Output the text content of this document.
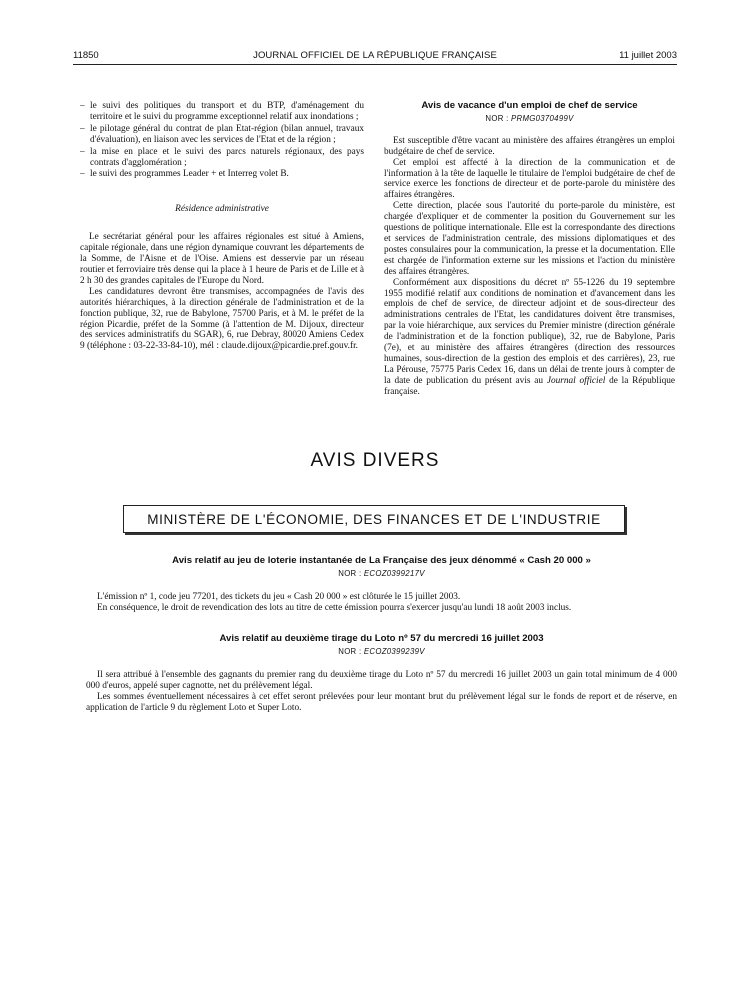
11850	JOURNAL OFFICIEL DE LA RÉPUBLIQUE FRANÇAISE	11 juillet 2003
– le suivi des politiques du transport et du BTP, d'aménagement du territoire et le suivi du programme exceptionnel relatif aux inondations ;
– le pilotage général du contrat de plan Etat-région (bilan annuel, travaux d'évaluation), en liaison avec les services de l'Etat et de la région ;
– la mise en place et le suivi des parcs naturels régionaux, des pays contrats d'agglomération ;
– le suivi des programmes Leader + et Interreg volet B.

Résidence administrative

Le secrétariat général pour les affaires régionales est situé à Amiens, capitale régionale, dans une région dynamique couvrant les départements de la Somme, de l'Aisne et de l'Oise. Amiens est desservie par un réseau routier et ferroviaire très dense qui la place à 1 heure de Paris et de Lille et à 2 h 30 des grandes capitales de l'Europe du Nord.

Les candidatures devront être transmises, accompagnées de l'avis des autorités hiérarchiques, à la direction générale de l'administration et de la fonction publique, 32, rue de Babylone, 75700 Paris, et à M. le préfet de la région Picardie, préfet de la Somme (à l'attention de M. Dijoux, directeur des services administratifs du SGAR), 6, rue Debray, 80020 Amiens Cedex 9 (téléphone : 03-22-33-84-10), mél : claude.dijoux@picardie.pref.gouv.fr.

Avis de vacance d'un emploi de chef de service

NOR : PRMG0370499V

Est susceptible d'être vacant au ministère des affaires étrangères un emploi budgétaire de chef de service.

Cet emploi est affecté à la direction de la communication et de l'information à la tête de laquelle le titulaire de l'emploi budgétaire de chef de service exerce les fonctions de directeur et de porte-parole du ministère des affaires étrangères.

Cette direction, placée sous l'autorité du porte-parole du ministère, est chargée d'expliquer et de commenter la position du Gouvernement sur les questions de politique internationale. Elle est la correspondante des directions et services de l'administration centrale, des missions diplomatiques et des postes consulaires pour la communication, la presse et la documentation. Elle est chargée de l'information externe sur les missions et l'action du ministère des affaires étrangères.

Conformément aux dispositions du décret nº 55-1226 du 19 septembre 1955 modifié relatif aux conditions de nomination et d'avancement dans les emplois de chef de service, de directeur adjoint et de sous-directeur des administrations centrales de l'Etat, les candidatures doivent être transmises, par la voie hiérarchique, aux services du Premier ministre (direction générale de l'administration et de la fonction publique), 32, rue de Babylone, Paris (7e), et au ministère des affaires étrangères (direction des ressources humaines, sous-direction de la gestion des emplois et des carrières), 23, rue La Pérouse, 75775 Paris Cedex 16, dans un délai de trente jours à compter de la date de publication du présent avis au Journal officiel de la République française.

AVIS DIVERS
MINISTÈRE DE L'ÉCONOMIE, DES FINANCES ET DE L'INDUSTRIE

Avis relatif au jeu de loterie instantanée de La Française des jeux dénommé « Cash 20 000 »

NOR : ECOZ0399217V

L'émission nº 1, code jeu 77201, des tickets du jeu « Cash 20 000 » est clôturée le 15 juillet 2003.

En conséquence, le droit de revendication des lots au titre de cette émission pourra s'exercer jusqu'au lundi 18 août 2003 inclus.

Avis relatif au deuxième tirage du Loto nº 57 du mercredi 16 juillet 2003

NOR : ECOZ0399239V

Il sera attribué à l'ensemble des gagnants du premier rang du deuxième tirage du Loto nº 57 du mercredi 16 juillet 2003 un gain total minimum de 4 000 000 d'euros, appelé super cagnotte, net du prélèvement légal.

Les sommes éventuellement nécessaires à cet effet seront prélevées pour leur montant brut du prélèvement légal sur le fonds de report et de réserve, en application de l'article 9 du règlement Loto et Super Loto.
